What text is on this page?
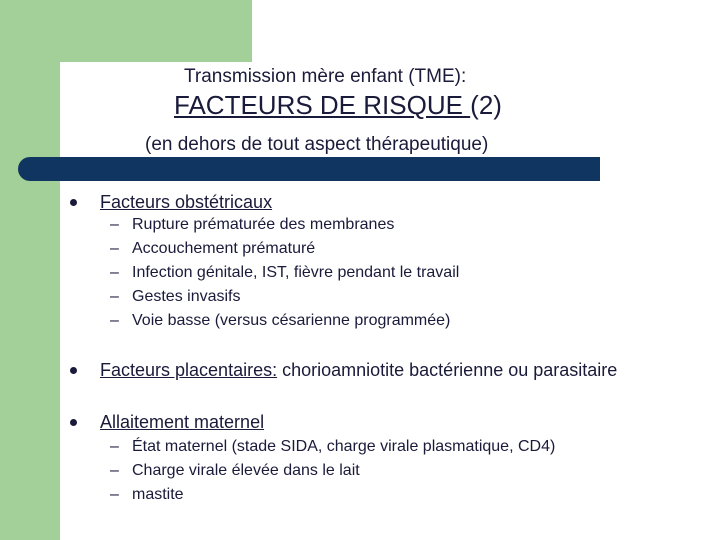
Transmission mère enfant (TME):
FACTEURS DE RISQUE (2)
(en dehors de tout aspect thérapeutique)
Facteurs obstétricaux
– Rupture prématurée des membranes
– Accouchement prématuré
– Infection génitale, IST, fièvre pendant le travail
– Gestes invasifs
– Voie basse (versus césarienne programmée)
Facteurs placentaires: chorioamniotite bactérienne ou parasitaire
Allaitement maternel
– État maternel (stade SIDA, charge virale plasmatique, CD4)
– Charge virale élevée dans le lait
– mastite
